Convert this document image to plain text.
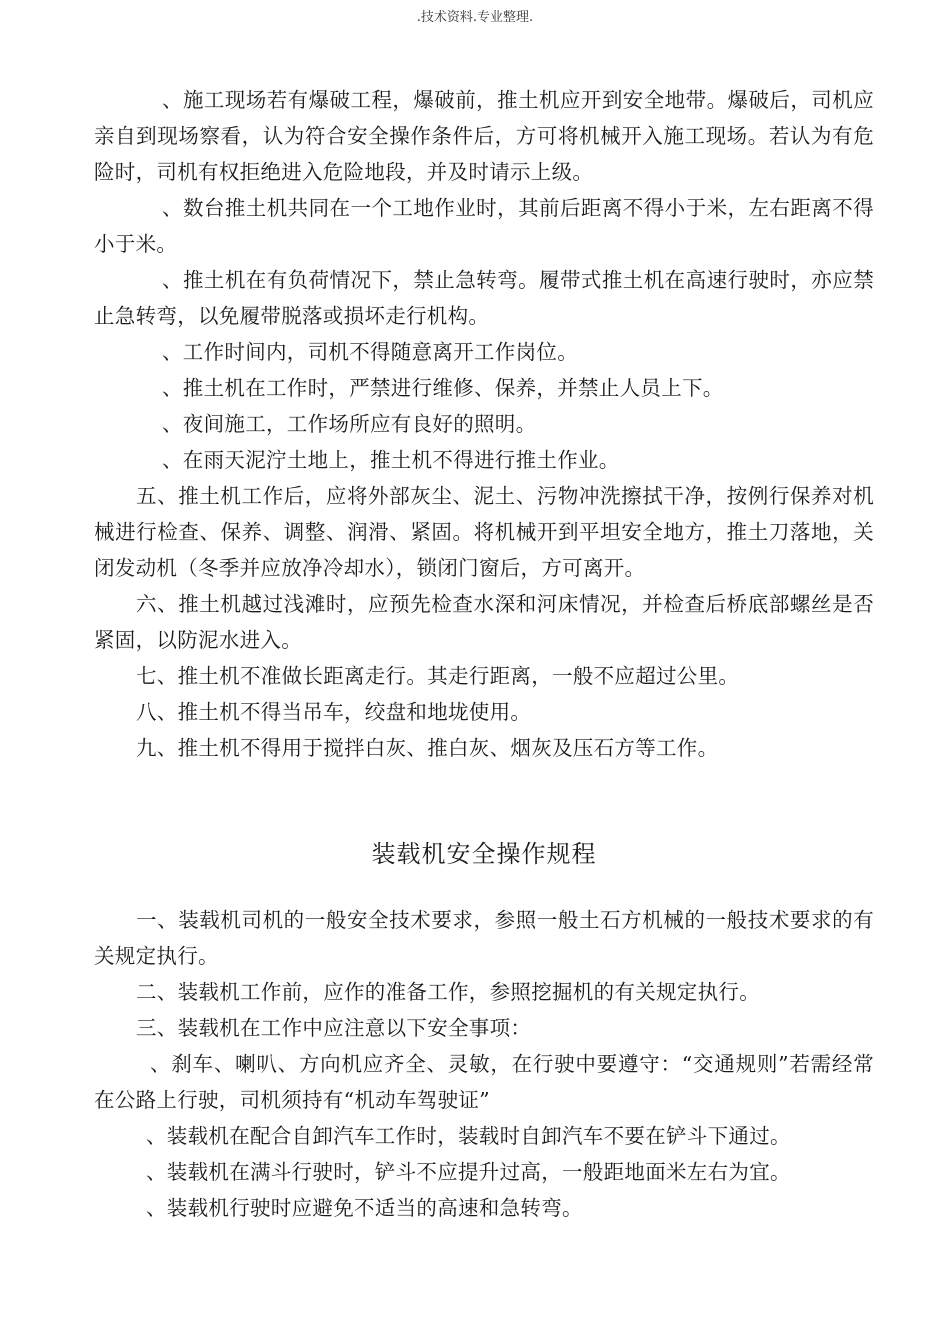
.技术资料.专业整理.

、施工现场若有爆破工程，爆破前，推土机应开到安全地带。爆破后，司机应亲自到现场察看，认为符合安全操作条件后，方可将机械开入施工现场。若认为有危险时，司机有权拒绝进入危险地段，并及时请示上级。

、数台推土机共同在一个工地作业时，其前后距离不得小于米，左右距离不得小于米。

、推土机在有负荷情况下，禁止急转弯。履带式推土机在高速行驶时，亦应禁止急转弯，以免履带脱落或损坏走行机构。

、工作时间内，司机不得随意离开工作岗位。

、推土机在工作时，严禁进行维修、保养，并禁止人员上下。

、夜间施工，工作场所应有良好的照明。

、在雨天泥泞土地上，推土机不得进行推土作业。

五、推土机工作后，应将外部灰尘、泥土、污物冲洗擦拭干净，按例行保养对机械进行检查、保养、调整、润滑、紧固。将机械开到平坦安全地方，推土刀落地，关闭发动机（冬季并应放净冷却水），锁闭门窗后，方可离开。

六、推土机越过浅滩时，应预先检查水深和河床情况，并检查后桥底部螺丝是否紧固，以防泥水进入。

七、推土机不准做长距离走行。其走行距离，一般不应超过公里。

八、推土机不得当吊车，绞盘和地垅使用。

九、推土机不得用于搅拌白灰、推白灰、烟灰及压石方等工作。

装载机安全操作规程

一、装载机司机的一般安全技术要求，参照一般土石方机械的一般技术要求的有关规定执行。

二、装载机工作前，应作的准备工作，参照挖掘机的有关规定执行。

三、装载机在工作中应注意以下安全事项：

、刹车、喇叭、方向机应齐全、灵敏，在行驶中要遵守：“交通规则”若需经常在公路上行驶，司机须持有“机动车驾驶证”

、装载机在配合自卸汽车工作时，装载时自卸汽车不要在铲斗下通过。

、装载机在满斗行驶时，铲斗不应提升过高，一般距地面米左右为宜。

、装载机行驶时应避免不适当的高速和急转弯。
